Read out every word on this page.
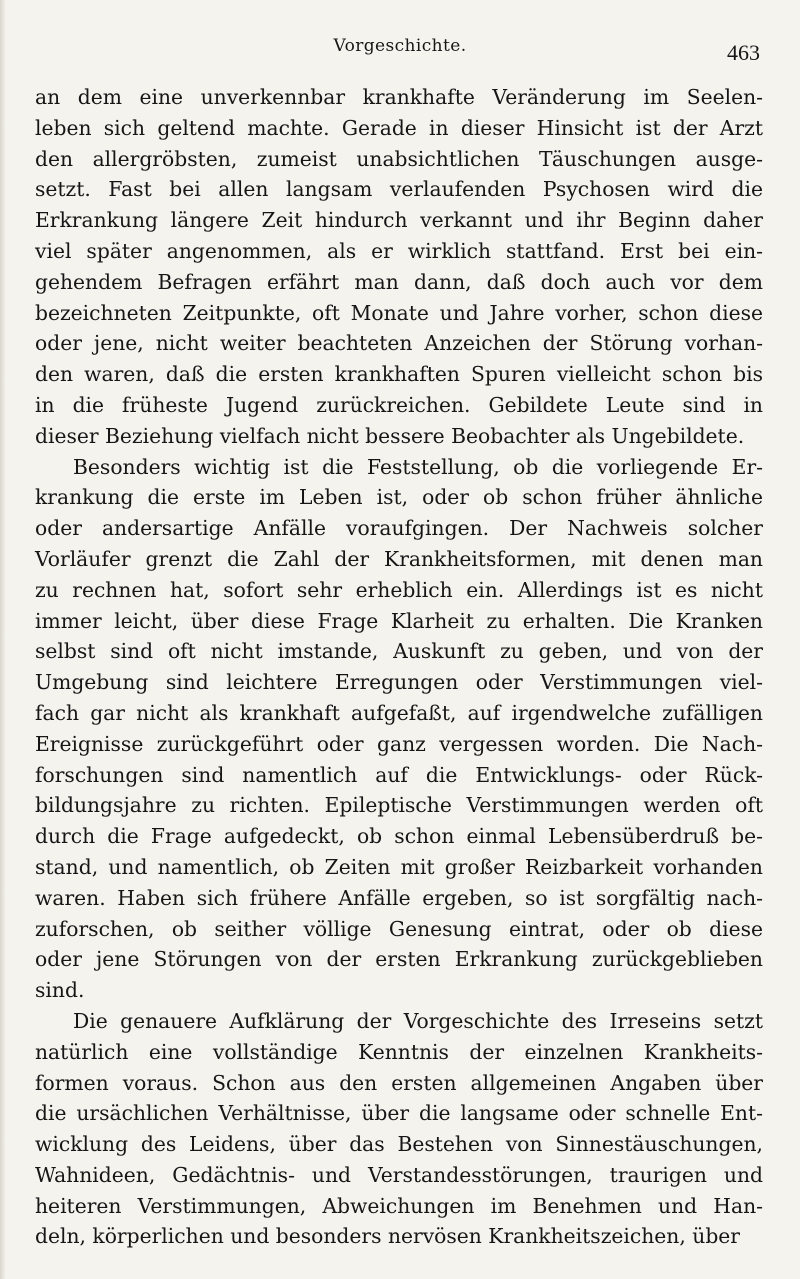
Vorgeschichte.	463
an dem eine unverkennbar krankhafte Veränderung im Seelen-
leben sich geltend machte. Gerade in dieser Hinsicht ist der Arzt
den allergröbsten, zumeist unabsichtlichen Täuschungen ausge-
setzt. Fast bei allen langsam verlaufenden Psychosen wird die
Erkrankung längere Zeit hindurch verkannt und ihr Beginn daher
viel später angenommen, als er wirklich stattfand. Erst bei ein-
gehendem Befragen erfährt man dann, daß doch auch vor dem
bezeichneten Zeitpunkte, oft Monate und Jahre vorher, schon diese
oder jene, nicht weiter beachteten Anzeichen der Störung vorhan-
den waren, daß die ersten krankhaften Spuren vielleicht schon bis
in die früheste Jugend zurückreichen. Gebildete Leute sind in
dieser Beziehung vielfach nicht bessere Beobachter als Ungebildete.
Besonders wichtig ist die Feststellung, ob die vorliegende Er-
krankung die erste im Leben ist, oder ob schon früher ähnliche
oder andersartige Anfälle voraufgingen. Der Nachweis solcher
Vorläufer grenzt die Zahl der Krankheitsformen, mit denen man
zu rechnen hat, sofort sehr erheblich ein. Allerdings ist es nicht
immer leicht, über diese Frage Klarheit zu erhalten. Die Kranken
selbst sind oft nicht imstande, Auskunft zu geben, und von der
Umgebung sind leichtere Erregungen oder Verstimmungen viel-
fach gar nicht als krankhaft aufgefaßt, auf irgendwelche zufälligen
Ereignisse zurückgeführt oder ganz vergessen worden. Die Nach-
forschungen sind namentlich auf die Entwicklungs- oder Rück-
bildungsjahre zu richten. Epileptische Verstimmungen werden oft
durch die Frage aufgedeckt, ob schon einmal Lebensüberdruß be-
stand, und namentlich, ob Zeiten mit großer Reizbarkeit vorhanden
waren. Haben sich frühere Anfälle ergeben, so ist sorgfältig nach-
zuforschen, ob seither völlige Genesung eintrat, oder ob diese
oder jene Störungen von der ersten Erkrankung zurückgeblieben
sind.
Die genauere Aufklärung der Vorgeschichte des Irreseins setzt
natürlich eine vollständige Kenntnis der einzelnen Krankheits-
formen voraus. Schon aus den ersten allgemeinen Angaben über
die ursächlichen Verhältnisse, über die langsame oder schnelle Ent-
wicklung des Leidens, über das Bestehen von Sinnestäuschungen,
Wahnideen, Gedächtnis- und Verstandesstörungen, traurigen und
heiteren Verstimmungen, Abweichungen im Benehmen und Han-
deln, körperlichen und besonders nervösen Krankheitszeichen, über
